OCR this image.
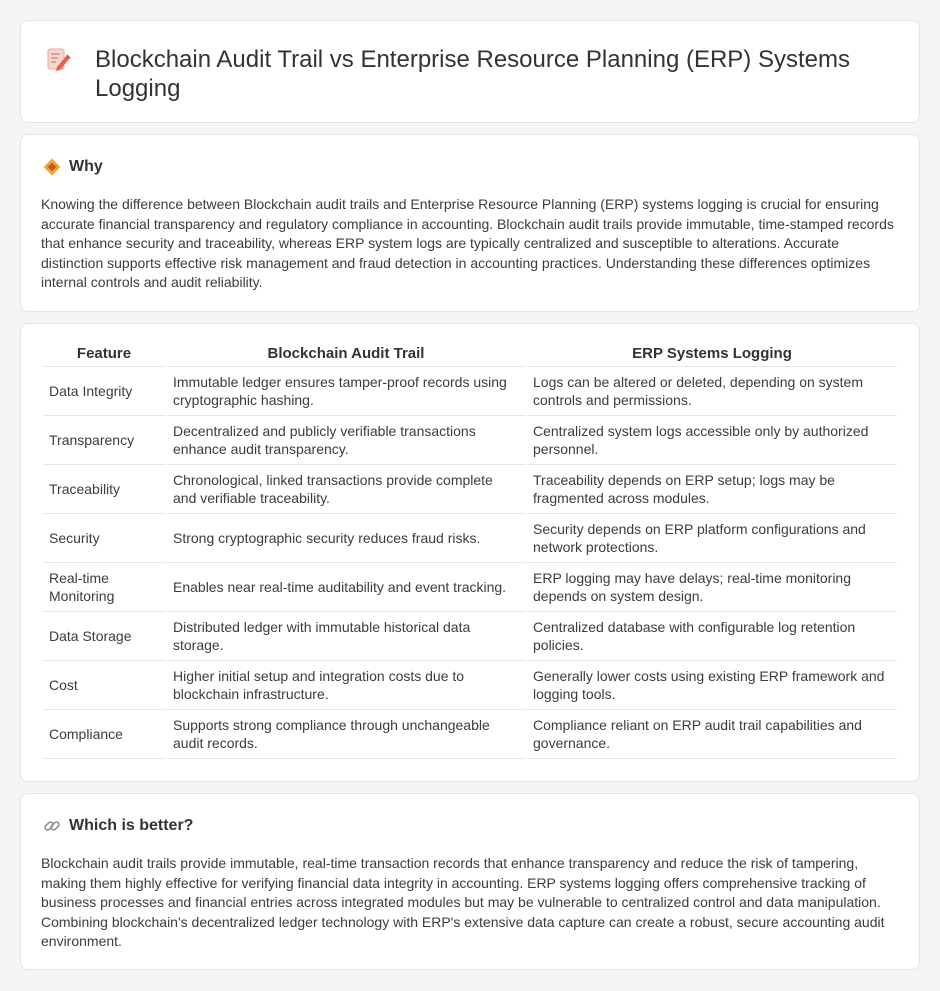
Blockchain Audit Trail vs Enterprise Resource Planning (ERP) Systems Logging
Why

Knowing the difference between Blockchain audit trails and Enterprise Resource Planning (ERP) systems logging is crucial for ensuring accurate financial transparency and regulatory compliance in accounting. Blockchain audit trails provide immutable, time-stamped records that enhance security and traceability, whereas ERP system logs are typically centralized and susceptible to alterations. Accurate distinction supports effective risk management and fraud detection in accounting practices. Understanding these differences optimizes internal controls and audit reliability.

Feature	Blockchain Audit Trail	ERP Systems Logging
Data Integrity	Immutable ledger ensures tamper-proof records using cryptographic hashing.	Logs can be altered or deleted, depending on system controls and permissions.
Transparency	Decentralized and publicly verifiable transactions enhance audit transparency.	Centralized system logs accessible only by authorized personnel.
Traceability	Chronological, linked transactions provide complete and verifiable traceability.	Traceability depends on ERP setup; logs may be fragmented across modules.
Security	Strong cryptographic security reduces fraud risks.	Security depends on ERP platform configurations and network protections.
Real-time Monitoring	Enables near real-time auditability and event tracking.	ERP logging may have delays; real-time monitoring depends on system design.
Data Storage	Distributed ledger with immutable historical data storage.	Centralized database with configurable log retention policies.
Cost	Higher initial setup and integration costs due to blockchain infrastructure.	Generally lower costs using existing ERP framework and logging tools.
Compliance	Supports strong compliance through unchangeable audit records.	Compliance reliant on ERP audit trail capabilities and governance.
Which is better?

Blockchain audit trails provide immutable, real-time transaction records that enhance transparency and reduce the risk of tampering, making them highly effective for verifying financial data integrity in accounting. ERP systems logging offers comprehensive tracking of business processes and financial entries across integrated modules but may be vulnerable to centralized control and data manipulation. Combining blockchain's decentralized ledger technology with ERP's extensive data capture can create a robust, secure accounting audit environment.
